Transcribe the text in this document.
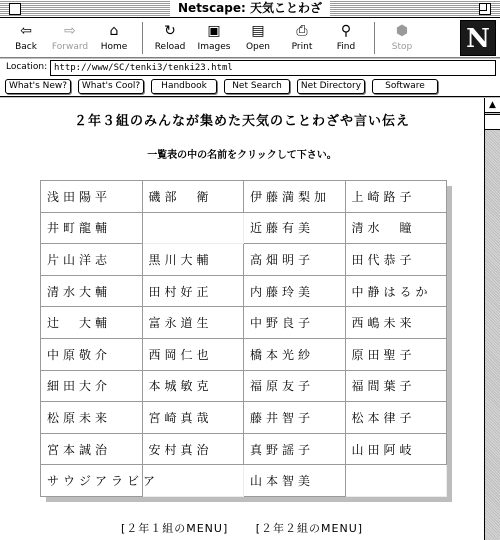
Netscape: 天気ことわざ
⇦
Back
⇨
Forward
⌂
Home
↻
Reload
▣
Images
▤
Open
⎙
Print
⚲
Find
⬢
Stop N
Location: http://www/SC/tenki3/tenki23.html
What's New?	What's Cool?	Handbook	Net Search	Net Directory	Software
２年３組のみんなが集めた天気のことわざや言い伝え
一覧表の中の名前をクリックして下さい。
浅田陽平	磯部　衛	伊藤満梨加	上崎路子
井町龍輔		近藤有美	清水　瞳
片山洋志	黒川大輔	高畑明子	田代恭子
清水大輔	田村好正	内藤玲美	中静はるか
辻　大輔	富永道生	中野良子	西嶋未来
中原敬介	西岡仁也	橋本光紗	原田聖子
細田大介	本城敏克	福原友子	福間葉子
松原未来	宮崎真哉	藤井智子	松本律子
宮本誠治	安村真治	真野謡子	山田阿岐
サウジアラビア		山本智美	
[２年１組のMENU]	[２年２組のMENU]
▲
